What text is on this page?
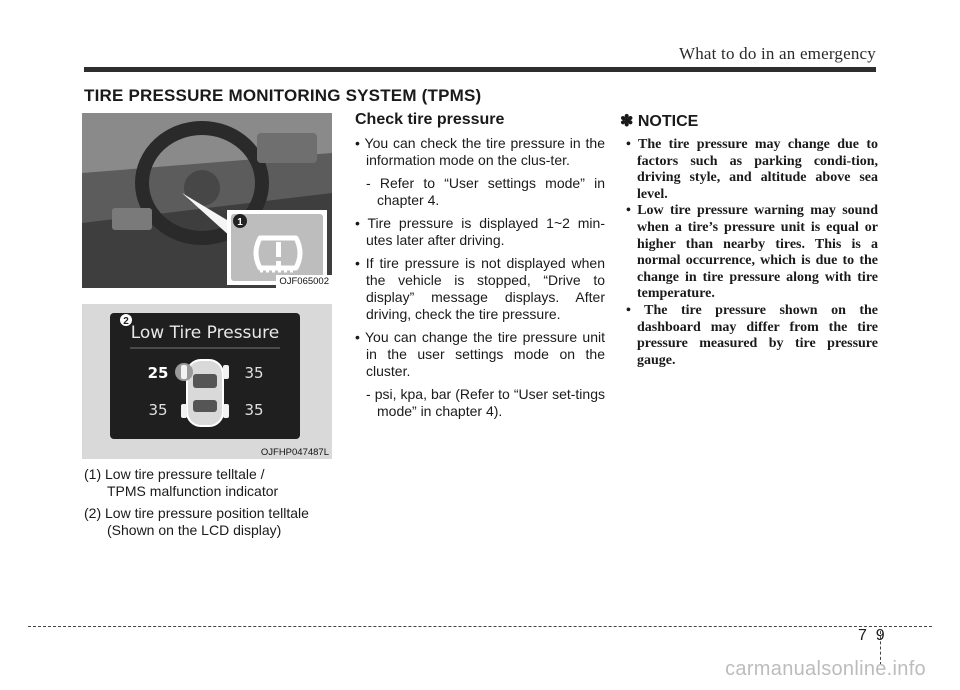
What to do in an emergency
TIRE PRESSURE MONITORING SYSTEM (TPMS)
1
OJF065002
2
Low Tire Pressure
25	35
35	35
OJFHP047487L
(1) Low tire pressure telltale /
TPMS malfunction indicator
(2) Low tire pressure position telltale
(Shown on the LCD display)
Check tire pressure

• You can check the tire pressure in the information mode on the clus-ter.

- Refer to “User settings mode” in chapter 4.

• Tire pressure is displayed 1~2 min-utes later after driving.

• If tire pressure is not displayed when the vehicle is stopped, “Drive to display” message displays. After driving, check the tire pressure.

• You can change the tire pressure unit in the user settings mode on the cluster.

- psi, kpa, bar (Refer to “User set-tings mode” in chapter 4).

✽ NOTICE

• The tire pressure may change due to factors such as parking condi-tion, driving style, and altitude above sea level.

• Low tire pressure warning may sound when a tire’s pressure unit is equal or higher than nearby tires. This is a normal occurrence, which is due to the change in tire pressure along with tire temperature.

• The tire pressure shown on the dashboard may differ from the tire pressure measured by tire pressure gauge.

7 9
carmanualsonline.info
